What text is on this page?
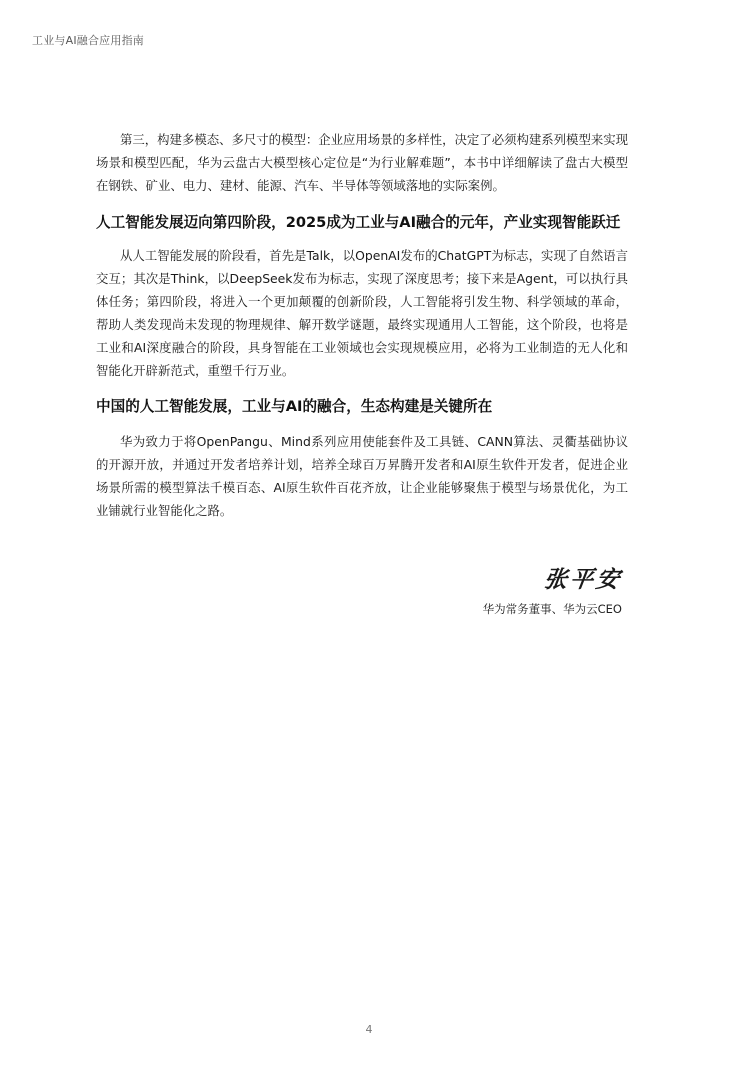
工业与AI融合应用指南

第三，构建多模态、多尺寸的模型：企业应用场景的多样性，决定了必须构建系列模型来实现场景和模型匹配，华为云盘古大模型核心定位是“为行业解难题”，本书中详细解读了盘古大模型在钢铁、矿业、电力、建材、能源、汽车、半导体等领域落地的实际案例。

人工智能发展迈向第四阶段，2025成为工业与AI融合的元年，产业实现智能跃迁

从人工智能发展的阶段看，首先是Talk，以OpenAI发布的ChatGPT为标志，实现了自然语言交互；其次是Think，以DeepSeek发布为标志，实现了深度思考；接下来是Agent，可以执行具体任务；第四阶段，将进入一个更加颠覆的创新阶段，人工智能将引发生物、科学领域的革命，帮助人类发现尚未发现的物理规律、解开数学谜题，最终实现通用人工智能，这个阶段，也将是工业和AI深度融合的阶段，具身智能在工业领域也会实现规模应用，必将为工业制造的无人化和智能化开辟新范式，重塑千行万业。

中国的人工智能发展，工业与AI的融合，生态构建是关键所在

华为致力于将OpenPangu、Mind系列应用使能套件及工具链、CANN算法、灵衢基础协议的开源开放，并通过开发者培养计划，培养全球百万昇腾开发者和AI原生软件开发者，促进企业场景所需的模型算法千模百态、AI原生软件百花齐放，让企业能够聚焦于模型与场景优化，为工业铺就行业智能化之路。

张平安
华为常务董事、华为云CEO
4
